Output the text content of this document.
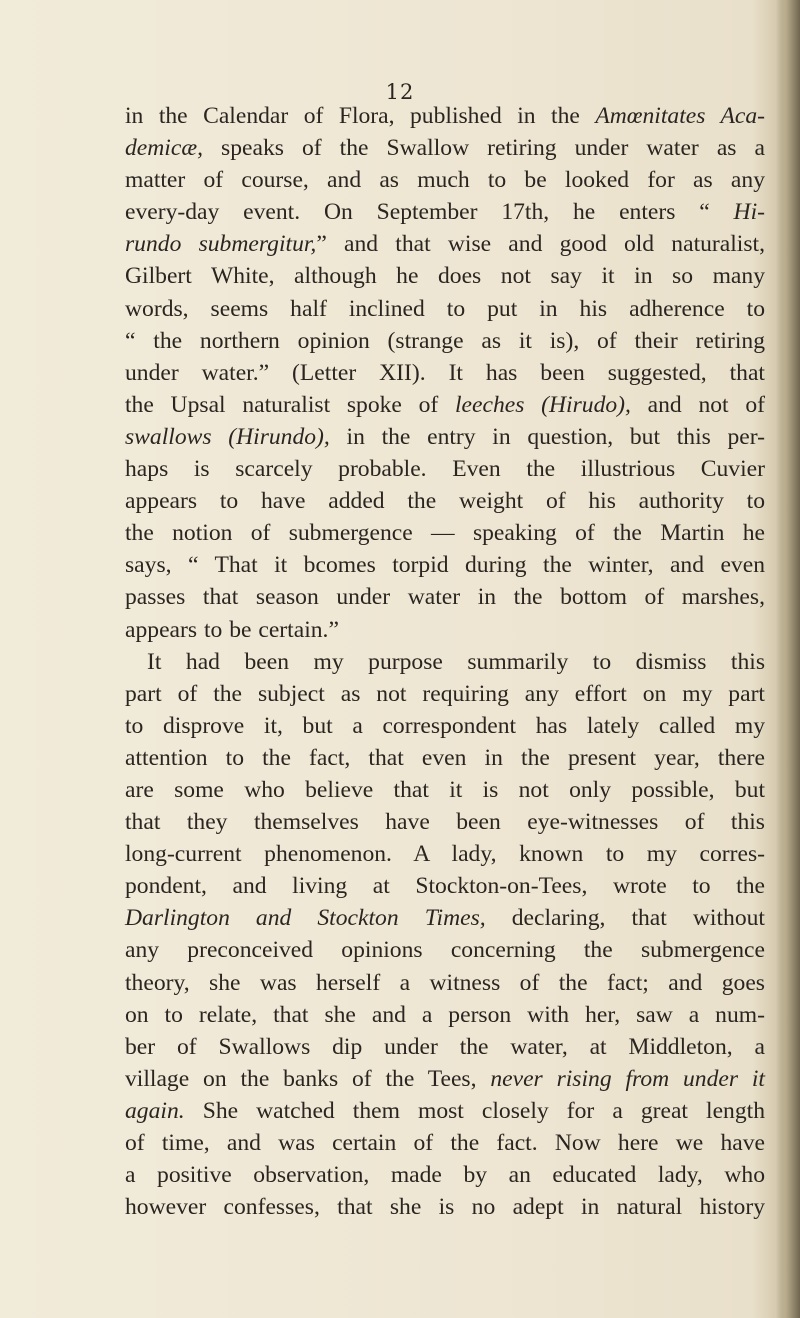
12
in the Calendar of Flora, published in the Amœnitates Aca-
demicæ, speaks of the Swallow retiring under water as a
matter of course, and as much to be looked for as any
every-day event. On September 17th, he enters “ Hi-
rundo submergitur,” and that wise and good old naturalist,
Gilbert White, although he does not say it in so many
words, seems half inclined to put in his adherence to
“ the northern opinion (strange as it is), of their retiring
under water.” (Letter XII). It has been suggested, that
the Upsal naturalist spoke of leeches (Hirudo), and not of
swallows (Hirundo), in the entry in question, but this per-
haps is scarcely probable. Even the illustrious Cuvier
appears to have added the weight of his authority to
the notion of submergence — speaking of the Martin he
says, “ That it bcomes torpid during the winter, and even
passes that season under water in the bottom of marshes,
appears to be certain.”
It had been my purpose summarily to dismiss this
part of the subject as not requiring any effort on my part
to disprove it, but a correspondent has lately called my
attention to the fact, that even in the present year, there
are some who believe that it is not only possible, but
that they themselves have been eye-witnesses of this
long-current phenomenon. A lady, known to my corres-
pondent, and living at Stockton-on-Tees, wrote to the
Darlington and Stockton Times, declaring, that without
any preconceived opinions concerning the submergence
theory, she was herself a witness of the fact; and goes
on to relate, that she and a person with her, saw a num-
ber of Swallows dip under the water, at Middleton, a
village on the banks of the Tees, never rising from under it
again. She watched them most closely for a great length
of time, and was certain of the fact. Now here we have
a positive observation, made by an educated lady, who
however confesses, that she is no adept in natural history
